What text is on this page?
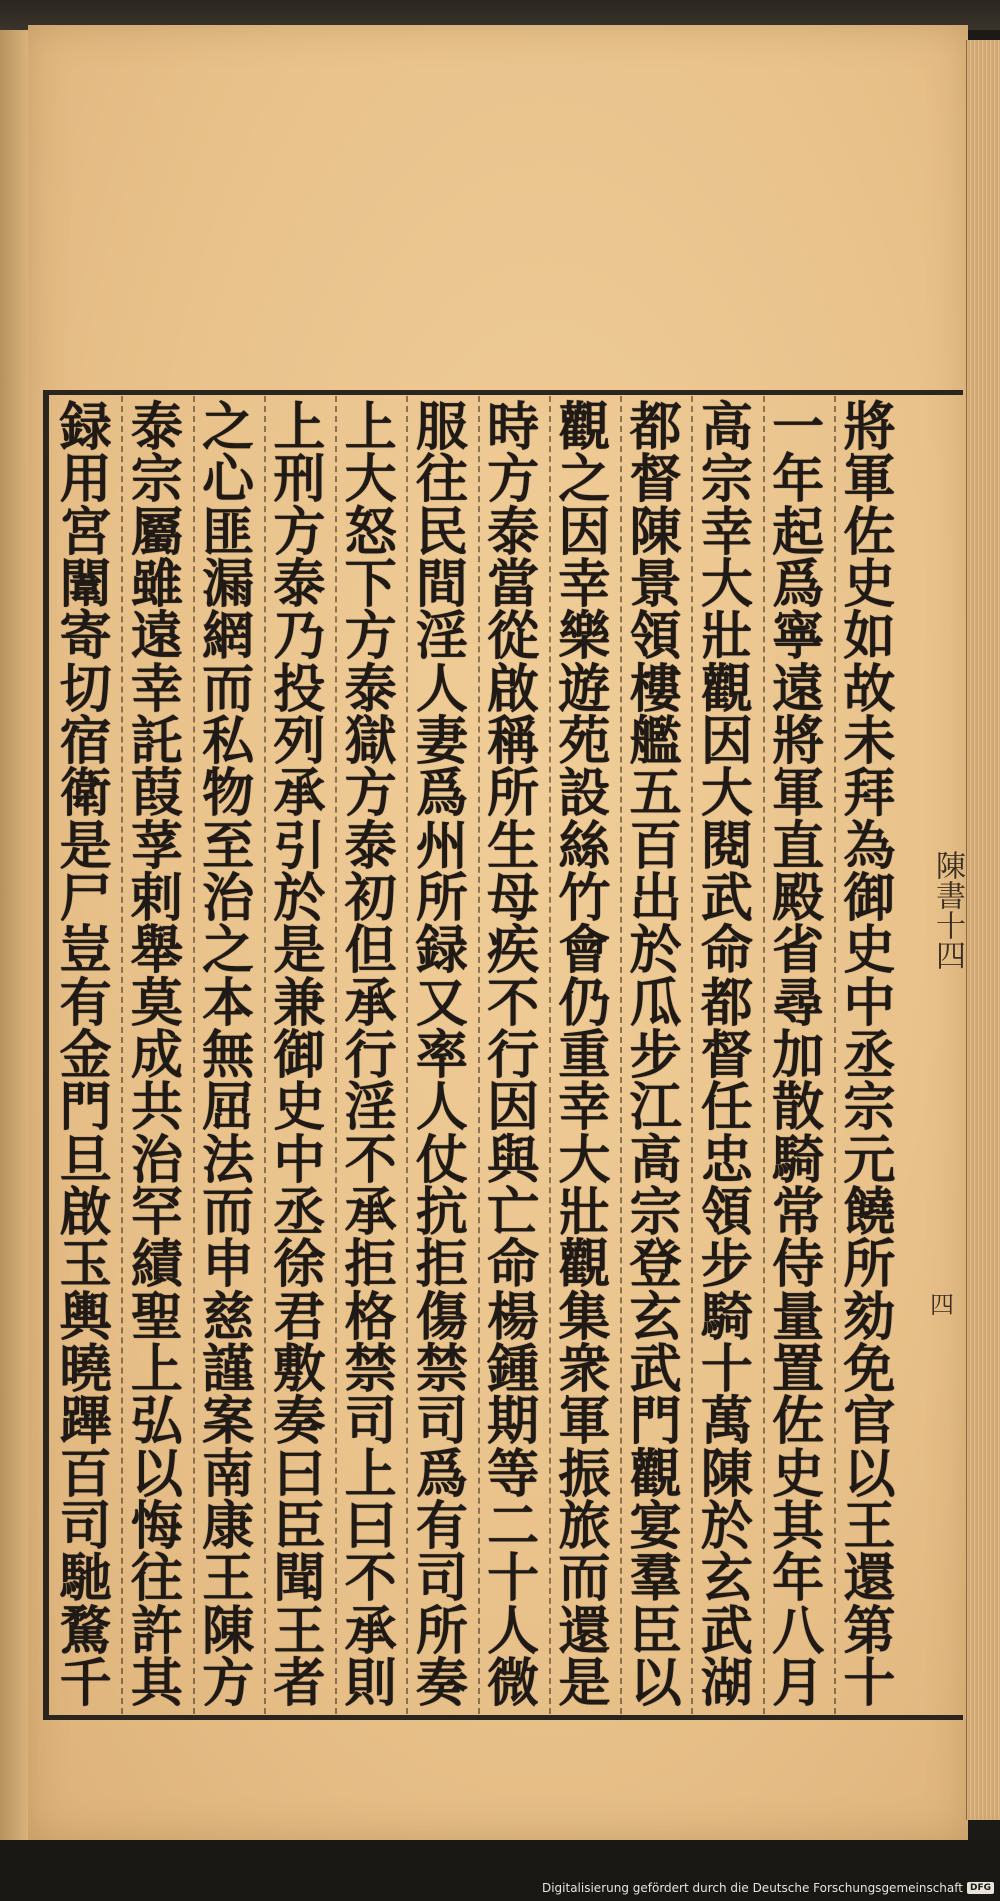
將
軍
佐
史
如
故
未
拜
為
御
史
中
丞
宗
元
饒
所
劾
免
官
以
王
還
第
十
一
年
起
爲
寧
遠
將
軍
直
殿
省
尋
加
散
騎
常
侍
量
置
佐
史
其
年
八
月
高
宗
幸
大
壯
觀
因
大
閱
武
命
都
督
任
忠
領
步
騎
十
萬
陳
於
玄
武
湖
都
督
陳
景
領
樓
艦
五
百
出
於
瓜
步
江
高
宗
登
玄
武
門
觀
宴
羣
臣
以
觀
之
因
幸
樂
遊
苑
設
絲
竹
會
仍
重
幸
大
壯
觀
集
衆
軍
振
旅
而
還
是
時
方
泰
當
從
啟
稱
所
生
母
疾
不
行
因
與
亡
命
楊
鍾
期
等
二
十
人
微
服
往
民
間
淫
人
妻
爲
州
所
録
又
率
人
仗
抗
拒
傷
禁
司
爲
有
司
所
奏
上
大
怒
下
方
泰
獄
方
泰
初
但
承
行
淫
不
承
拒
格
禁
司
上
曰
不
承
則
上
刑
方
泰
乃
投
列
承
引
於
是
兼
御
史
中
丞
徐
君
敷
奏
曰
臣
聞
王
者
之
心
匪
漏
網
而
私
物
至
治
之
本
無
屈
法
而
申
慈
謹
案
南
康
王
陳
方
泰
宗
屬
雖
遠
幸
託
葭
莩
剌
舉
莫
成
共
治
罕
績
聖
上
弘
以
悔
往
許
其
録
用
宮
闈
寄
切
宿
衛
是
尸
豈
有
金
門
旦
啟
玉
輿
曉
蹕
百
司
馳
騖
千
陳書十四
四
Digitalisierung gefördert durch die Deutsche Forschungsgemeinschaft DFG
